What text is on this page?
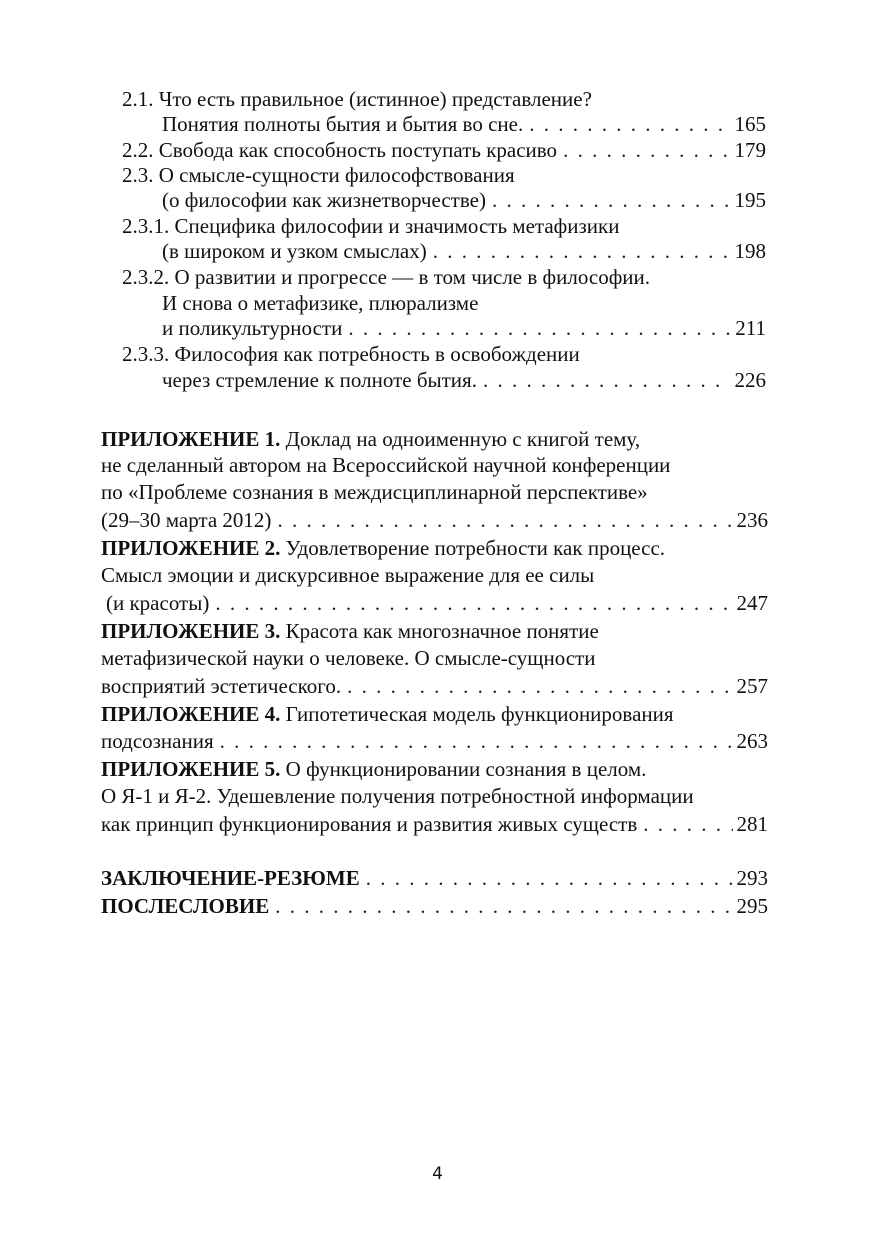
2.1. Что есть правильное (истинное) представление?
Понятия полноты бытия и бытия во сне. . . .	165
2.2. Свобода как способность поступать красиво . . .	179
2.3. О смысле-сущности философствования
(о философии как жизнетворчестве) . . .	195
2.3.1. Специфика философии и значимость метафизики
(в широком и узком смыслах) . . .	198
2.3.2. О развитии и прогрессе — в том числе в философии.
И снова о метафизике, плюрализме
и поликультурности . . .	211
2.3.3. Философия как потребность в освобождении
через стремление к полноте бытия. . . .	226
ПРИЛОЖЕНИЕ 1. Доклад на одноименную с книгой тему,
не сделанный автором на Всероссийской научной конференции
по «Проблеме сознания в междисциплинарной перспективе»
(29–30 марта 2012) . . .	236
ПРИЛОЖЕНИЕ 2. Удовлетворение потребности как процесс.
Смысл эмоции и дискурсивное выражение для ее силы
(и красоты) . . .	247
ПРИЛОЖЕНИЕ 3. Красота как многозначное понятие
метафизической науки о человеке. О смысле-сущности
восприятий эстетического. . . .	257
ПРИЛОЖЕНИЕ 4. Гипотетическая модель функционирования
подсознания . . .	263
ПРИЛОЖЕНИЕ 5. О функционировании сознания в целом.
О Я-1 и Я-2. Удешевление получения потребностной информации
как принцип функционирования и развития живых существ . . .	281
ЗАКЛЮЧЕНИЕ-РЕЗЮМЕ . . .	293
ПОСЛЕСЛОВИЕ . . .	295
4
